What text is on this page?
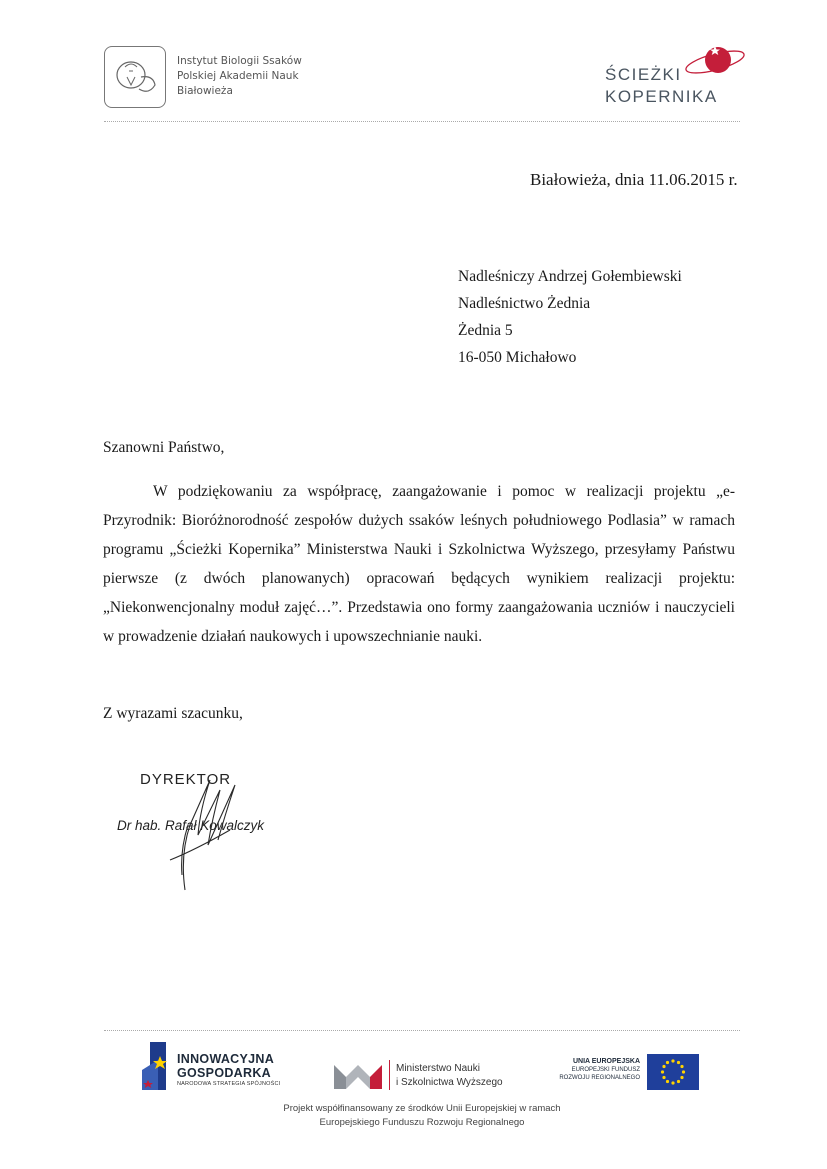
Instytut Biologii Ssaków
Polskiej Akademii Nauk
Białowieża
ŚCIEŻKI
KOPERNIKA
Białowieża, dnia 11.06.2015 r.
Nadleśniczy Andrzej Gołembiewski
Nadleśnictwo Żednia
Żednia 5
16-050 Michałowo
Szanowni Państwo,

W podziękowaniu za współpracę, zaangażowanie i pomoc w realizacji projektu „e-Przyrodnik: Bioróżnorodność zespołów dużych ssaków leśnych południowego Podlasia” w ramach programu „Ścieżki Kopernika” Ministerstwa Nauki i Szkolnictwa Wyższego, przesyłamy Państwu pierwsze (z dwóch planowanych) opracowań będących wynikiem realizacji projektu: „Niekonwencjonalny moduł zajęć…”. Przedstawia ono formy zaangażowania uczniów i nauczycieli w prowadzenie działań naukowych i upowszechnianie nauki.

Z wyrazami szacunku,
DYREKTOR
Dr hab. Rafał Kowalczyk
INNOWACYJNA
GOSPODARKA
NARODOWA STRATEGIA SPÓJNOŚCI
Ministerstwo Nauki
i Szkolnictwa Wyższego
UNIA EUROPEJSKA
EUROPEJSKI FUNDUSZ
ROZWOJU REGIONALNEGO
Projekt współfinansowany ze środków Unii Europejskiej w ramach
Europejskiego Funduszu Rozwoju Regionalnego
